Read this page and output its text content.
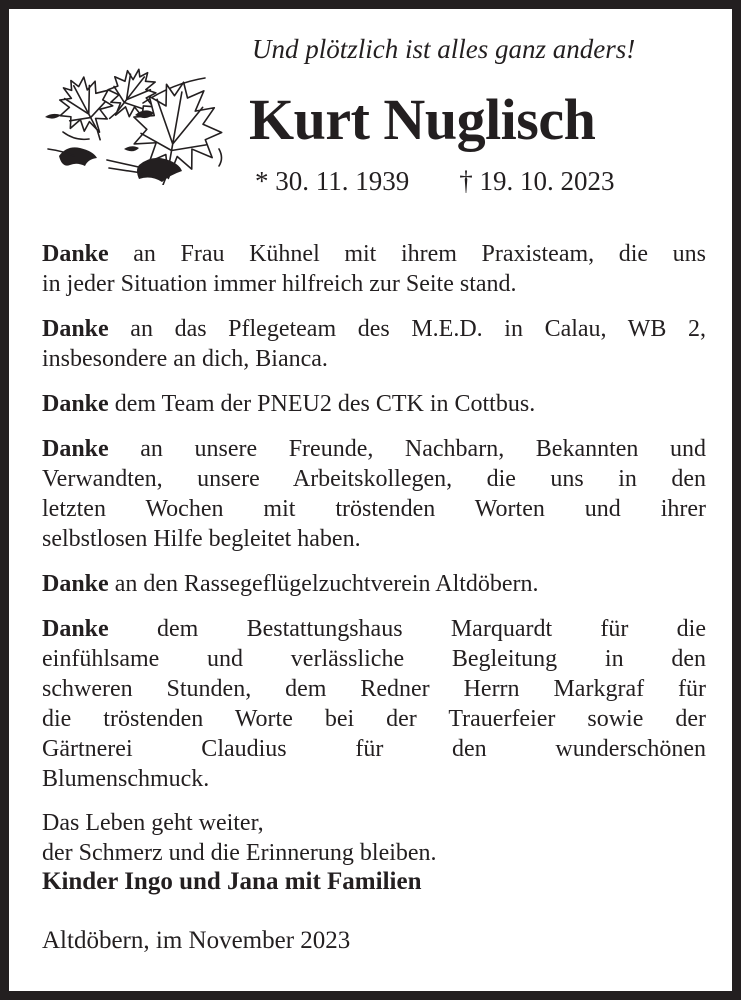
Und plötzlich ist alles ganz anders!
Kurt Nuglisch
* 30. 11. 1939 † 19. 10. 2023
Danke an Frau Kühnel mit ihrem Praxisteam, die uns
in jeder Situation immer hilfreich zur Seite stand.
Danke an das Pflegeteam des M.E.D. in Calau, WB 2,
insbesondere an dich, Bianca.
Danke dem Team der PNEU2 des CTK in Cottbus.
Danke an unsere Freunde, Nachbarn, Bekannten und
Verwandten, unsere Arbeitskollegen, die uns in den
letzten Wochen mit tröstenden Worten und ihrer
selbstlosen Hilfe begleitet haben.
Danke an den Rassegeflügelzuchtverein Altdöbern.
Danke dem Bestattungshaus Marquardt für die
einfühlsame und verlässliche Begleitung in den
schweren Stunden, dem Redner Herrn Markgraf für
die tröstenden Worte bei der Trauerfeier sowie der
Gärtnerei Claudius für den wunderschönen
Blumenschmuck.
Das Leben geht weiter,
der Schmerz und die Erinnerung bleiben.
Kinder Ingo und Jana mit Familien
Altdöbern, im November 2023
